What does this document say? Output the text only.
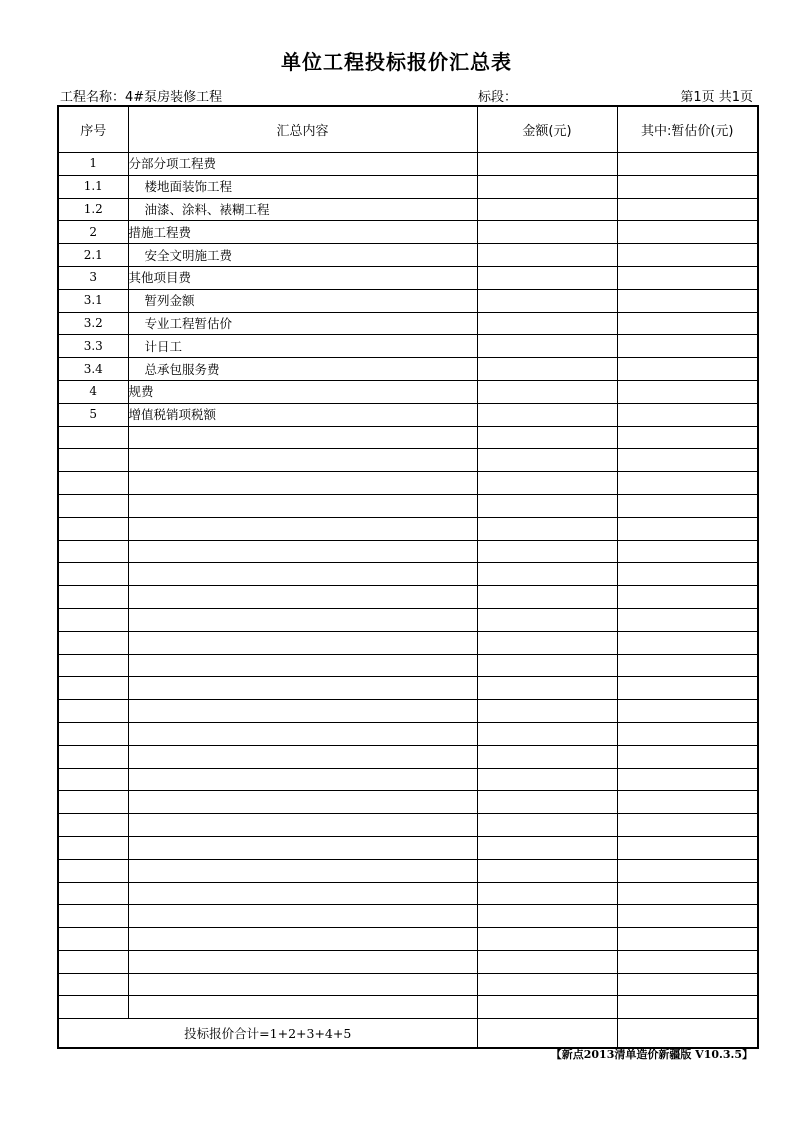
单位工程投标报价汇总表
工程名称：4#泵房装修工程	标段：	第1页 共1页
序号	汇总内容	金额(元)	其中:暂估价(元)
1	分部分项工程费		
1.1	楼地面装饰工程		
1.2	油漆、涂料、裱糊工程		
2	措施工程费		
2.1	安全文明施工费		
3	其他项目费		
3.1	暂列金额		
3.2	专业工程暂估价		
3.3	计日工		
3.4	总承包服务费		
4	规费		
5	增值税销项税额		

投标报价合计=1+2+3+4+5			
【新点2013清单造价新疆版 V10.3.5】
